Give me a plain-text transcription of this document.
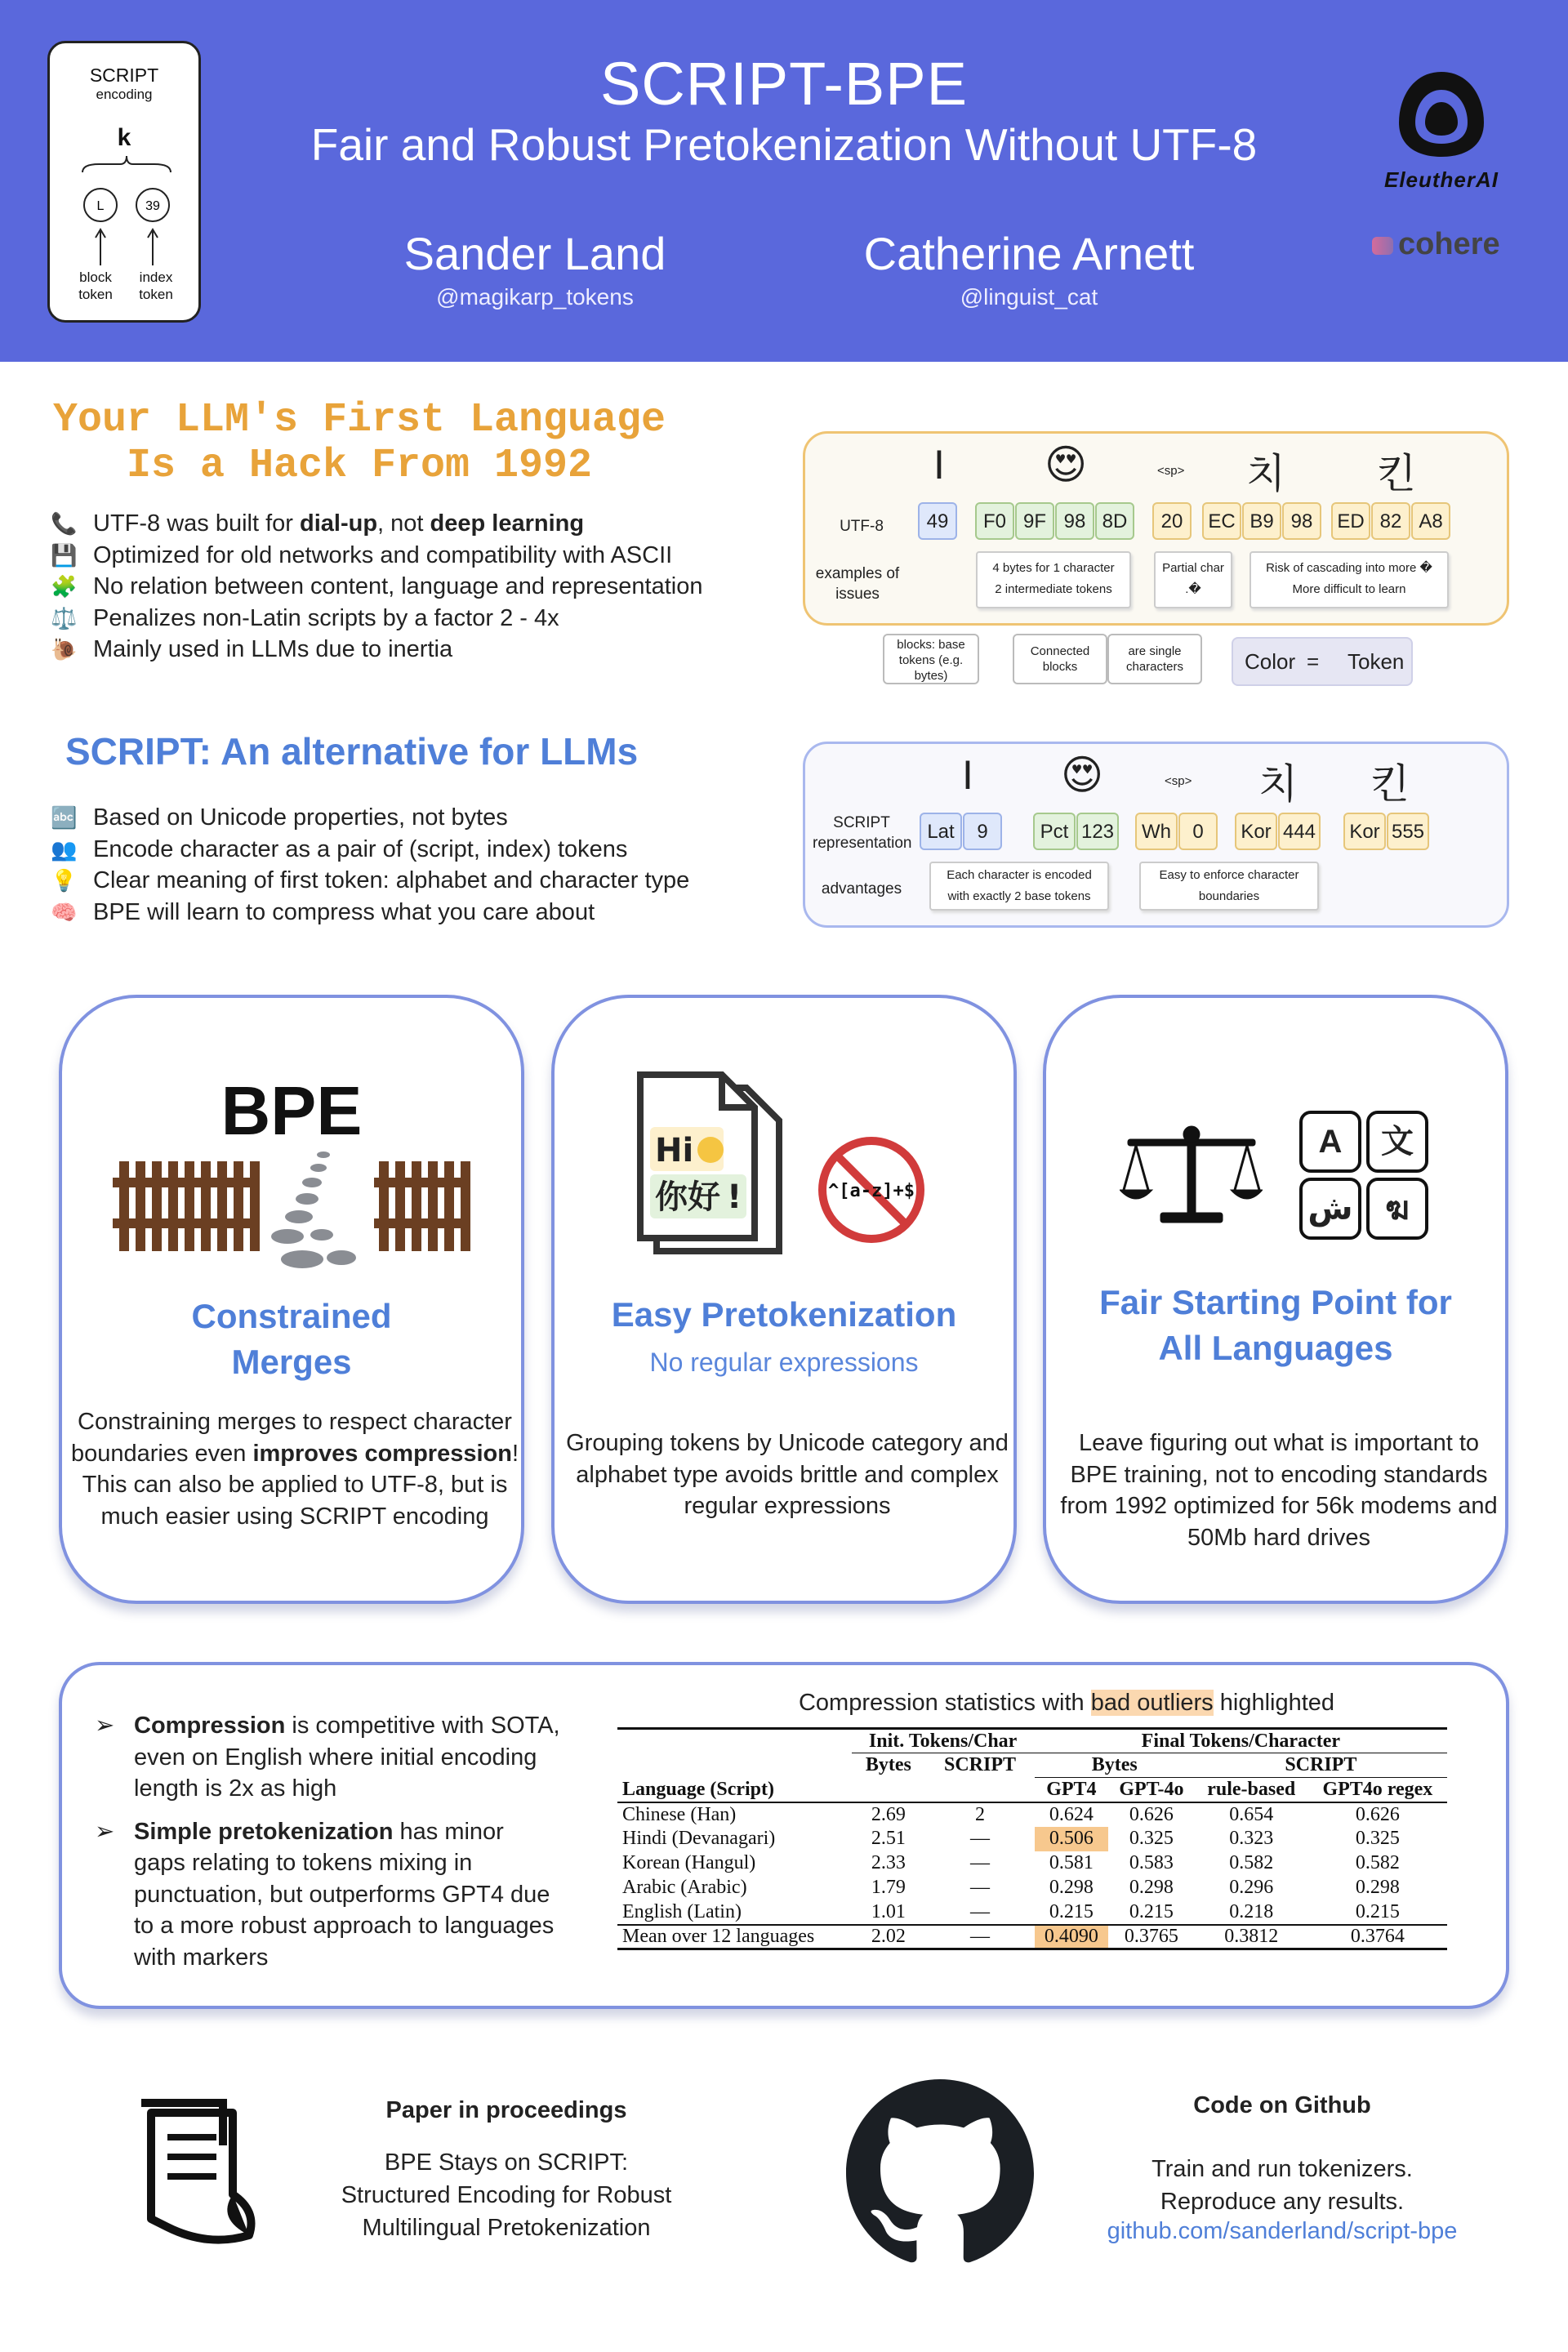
SCRIPT
encoding
k
L	39
block token
index token
SCRIPT-BPE
Fair and Robust Pretokenization Without UTF-8
Sander Land
@magikarp_tokens
Catherine Arnett
@linguist_cat
EleutherAI
cohere
Your LLM's First Language
Is a Hack From 1992
📞 UTF-8 was built for dial-up, not deep learning
💾 Optimized for old networks and compatibility with ASCII
🧩 No relation between content, language and representation
⚖️ Penalizes non-Latin scripts by a factor 2 - 4x
🐌 Mainly used in LLMs due to inertia
I	😍	<sp> 치 킨
UTF-8	49	F0 9F 98 8D	20	EC B9 98	ED 82 A8
examples of issues
4 bytes for 1 character
2 intermediate tokens
Partial char
.�
Risk of cascading into more �
More difficult to learn
blocks: base tokens (e.g. bytes)
Connected blocks
are single characters	Color = Token
SCRIPT: An alternative for LLMs
🔤 Based on Unicode properties, not bytes
👥 Encode character as a pair of (script, index) tokens
💡 Clear meaning of first token: alphabet and character type
🧠 BPE will learn to compress what you care about
I	😍	<sp> 치 킨
SCRIPT representation
Lat	9	Pct 123	Wh	0	Kor 444	Kor 555
advantages
Each character is encoded
with exactly 2 base tokens
Easy to enforce character
boundaries
BPE
Constrained
Merges
Constraining merges to respect character boundaries even improves compression! This can also be applied to UTF-8, but is much easier using SCRIPT encoding
Hi
你好 !	^[a-z]+$
Easy Pretokenization
No regular expressions
Grouping tokens by Unicode category and alphabet type avoids brittle and complex regular expressions
A	文
ش ฆ
Fair Starting Point for
All Languages
Leave figuring out what is important to BPE training, not to encoding standards from 1992 optimized for 56k modems and 50Mb hard drives
➢ Compression is competitive with SOTA, even on English where initial encoding length is 2x as high
➢ Simple pretokenization has minor gaps relating to tokens mixing in punctuation, but outperforms GPT4 due to a more robust approach to languages with markers
Compression statistics with bad outliers highlighted
	Init. Tokens/Char		Final Tokens/Character			
	Bytes	SCRIPT	Bytes		SCRIPT	
Language (Script)			GPT4	GPT-4o	rule-based	GPT4o regex
Chinese (Han)	2.69	2	0.624	0.626	0.654	0.626
Hindi (Devanagari)	2.51	—	0.506	0.325	0.323	0.325
Korean (Hangul)	2.33	—	0.581	0.583	0.582	0.582
Arabic (Arabic)	1.79	—	0.298	0.298	0.296	0.298
English (Latin)	1.01	—	0.215	0.215	0.218	0.215
Mean over 12 languages	2.02	—	0.4090	0.3765	0.3812	0.3764
Paper in proceedings
BPE Stays on SCRIPT:
Structured Encoding for Robust
Multilingual Pretokenization
Code on Github
Train and run tokenizers.
Reproduce any results.
github.com/sanderland/script-bpe
